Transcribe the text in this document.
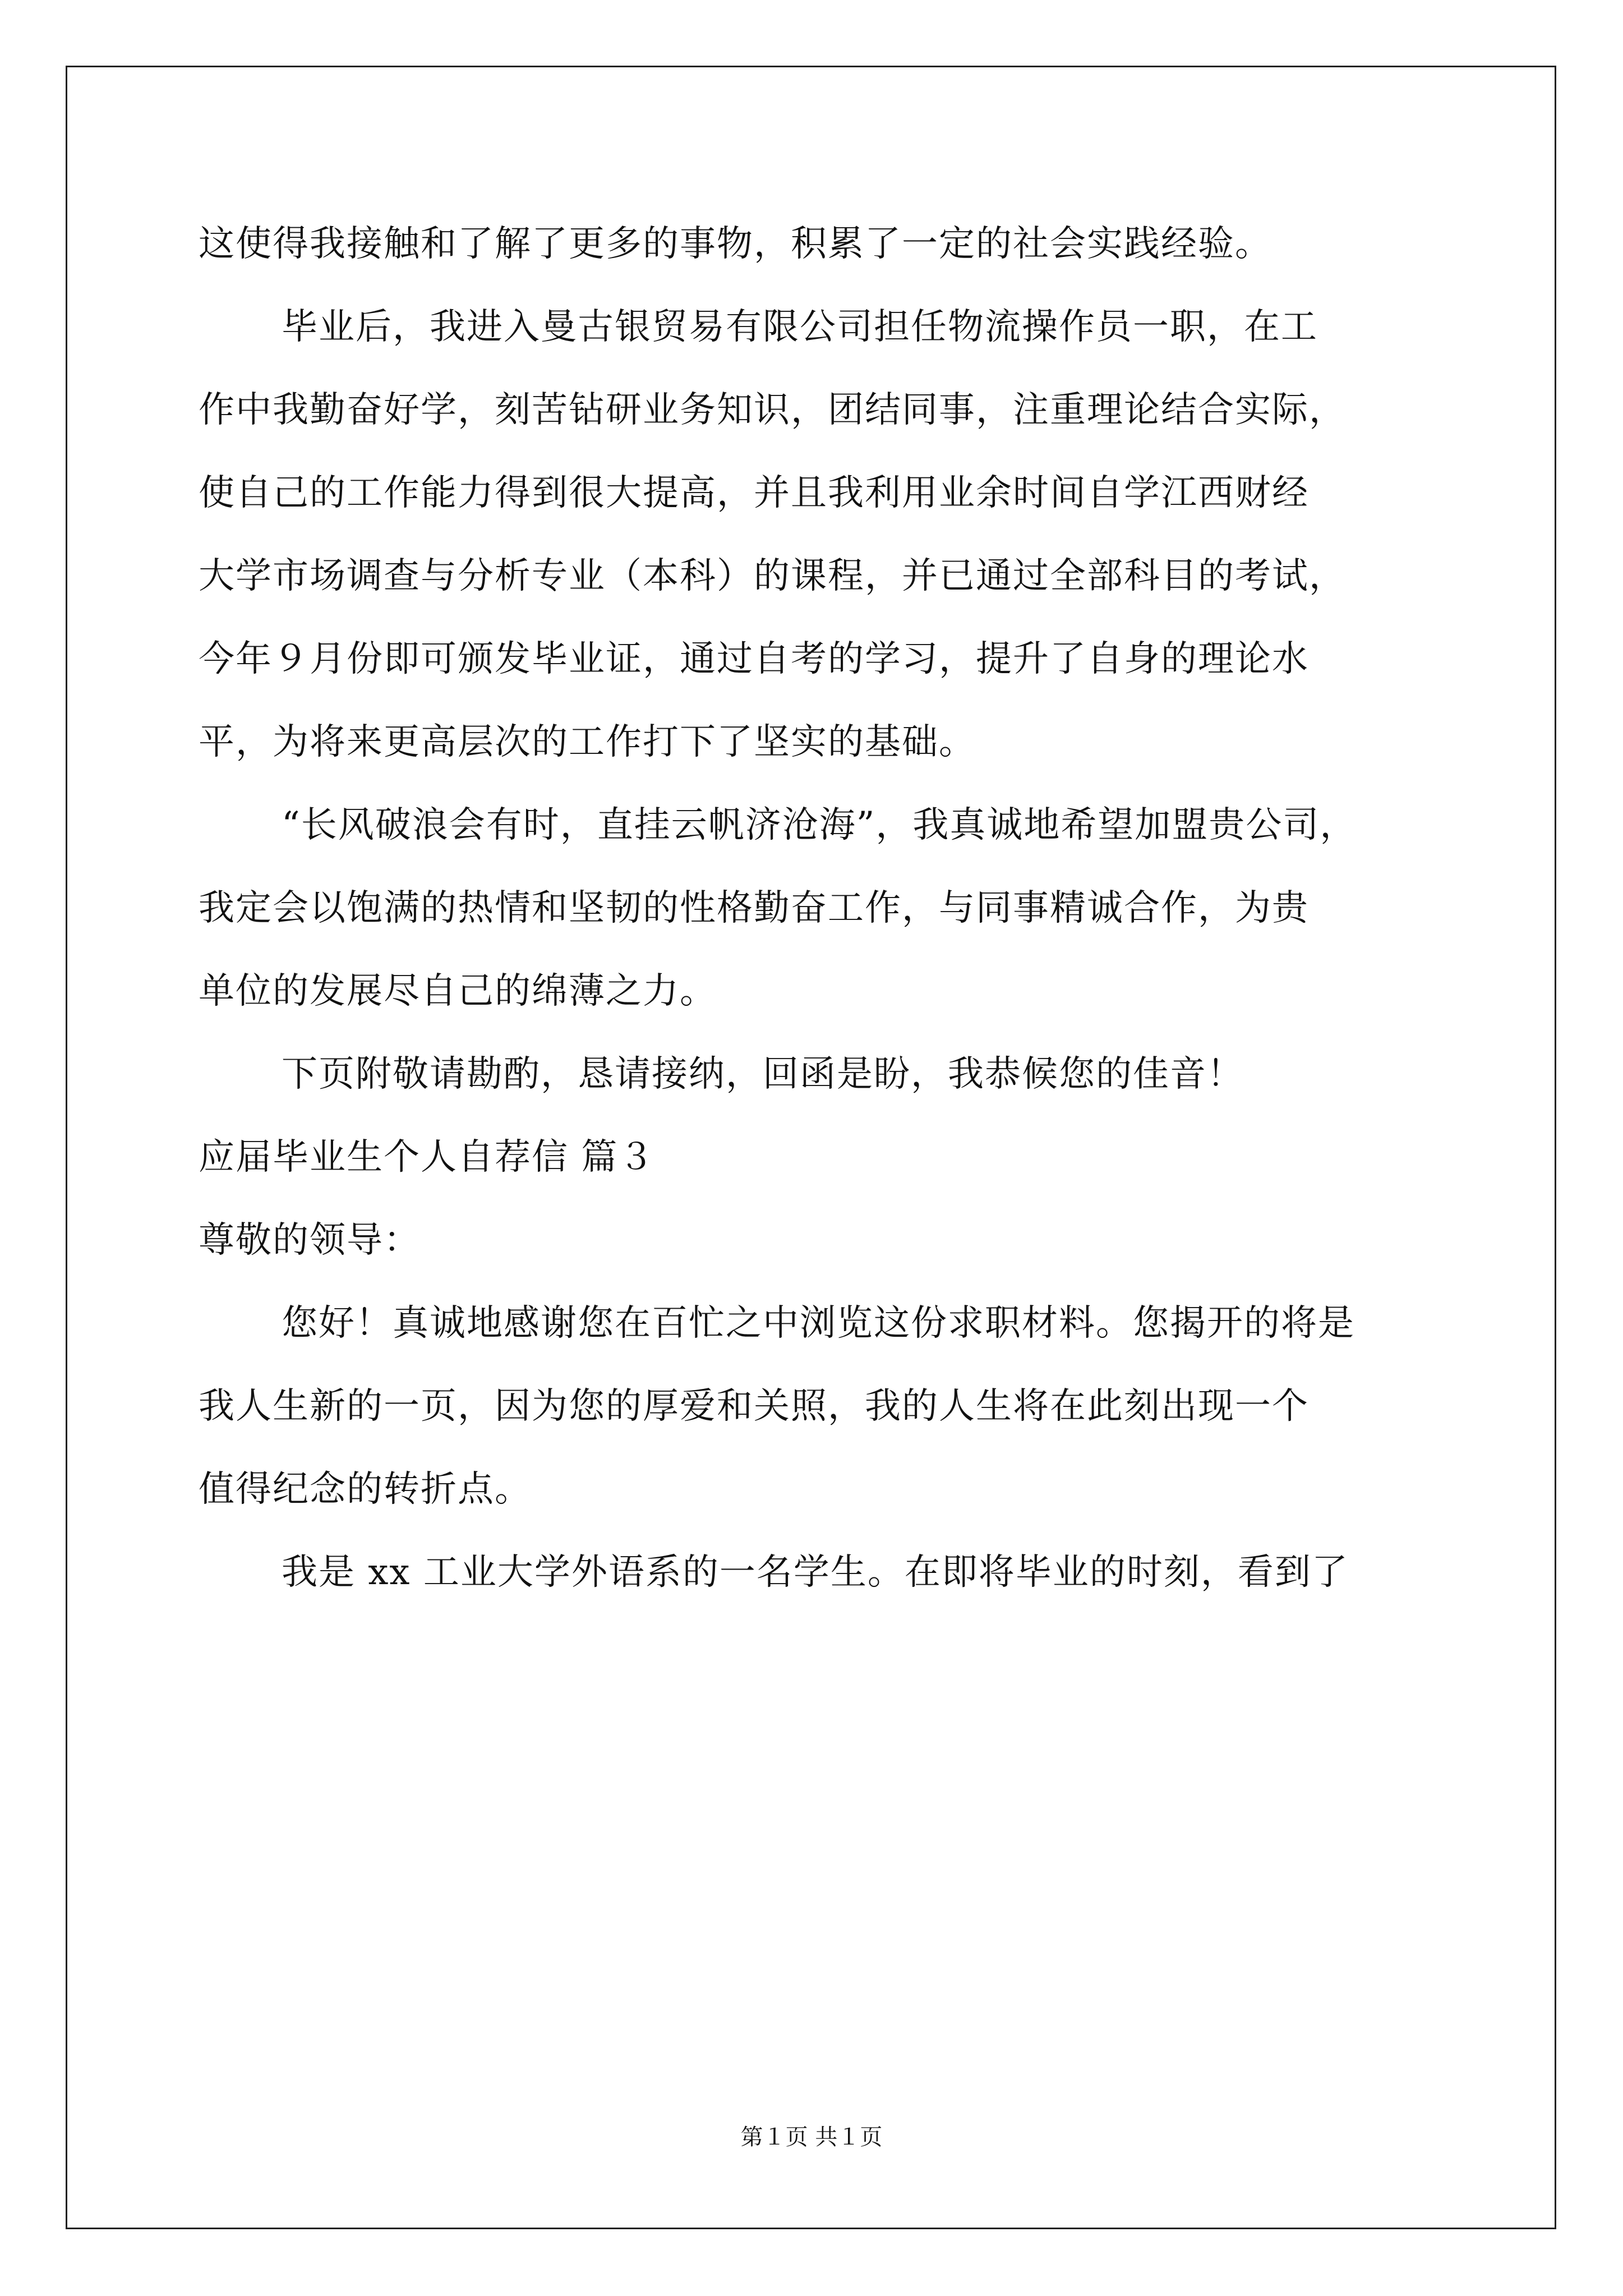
这使得我接触和了解了更多的事物，积累了一定的社会实践经验。
毕业后，我进入曼古银贸易有限公司担任物流操作员一职，在工
作中我勤奋好学，刻苦钻研业务知识，团结同事，注重理论结合实际，
使自己的工作能力得到很大提高，并且我利用业余时间自学江西财经
大学市场调查与分析专业（本科）的课程，并已通过全部科目的考试，
今年９月份即可颁发毕业证，通过自考的学习，提升了自身的理论水
平，为将来更高层次的工作打下了坚实的基础。
“长风破浪会有时，直挂云帆济沧海”，我真诚地希望加盟贵公司，
我定会以饱满的热情和坚韧的性格勤奋工作，与同事精诚合作，为贵
单位的发展尽自己的绵薄之力。
下页附敬请勘酌，恳请接纳，回函是盼，我恭候您的佳音！
应届毕业生个人自荐信 篇３
尊敬的领导：
您好！真诚地感谢您在百忙之中浏览这份求职材料。您揭开的将是
我人生新的一页，因为您的厚爱和关照，我的人生将在此刻出现一个
值得纪念的转折点。
我是 xx 工业大学外语系的一名学生。在即将毕业的时刻，看到了
第１页 共１页
